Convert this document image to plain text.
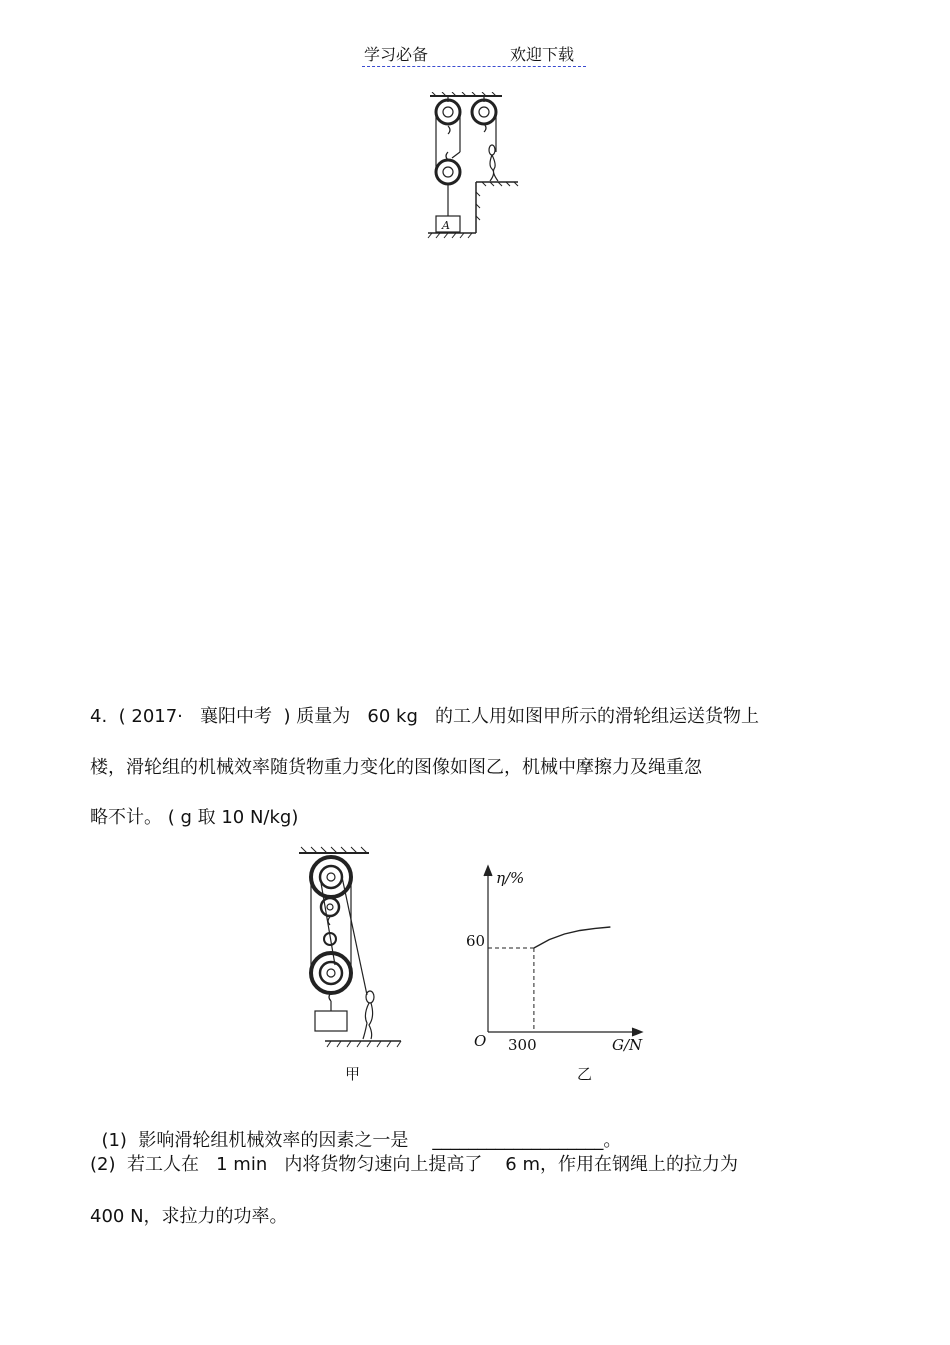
学习必备	欢迎下载
A
4.  ( 2017·   襄阳中考  ) 质量为   60 kg   的工人用如图甲所示的滑轮组运送货物上
楼，滑轮组的机械效率随货物重力变化的图像如图乙，机械中摩擦力及绳重忽
略不计。 ( g 取 10 N/kg)
甲
η/%
60
O 300	G/N
乙

(1)  影响滑轮组机械效率的因素之一是 ___________________。

(2)  若工人在   1 min   内将货物匀速向上提高了    6 m，作用在钢绳上的拉力为
400 N，求拉力的功率。
